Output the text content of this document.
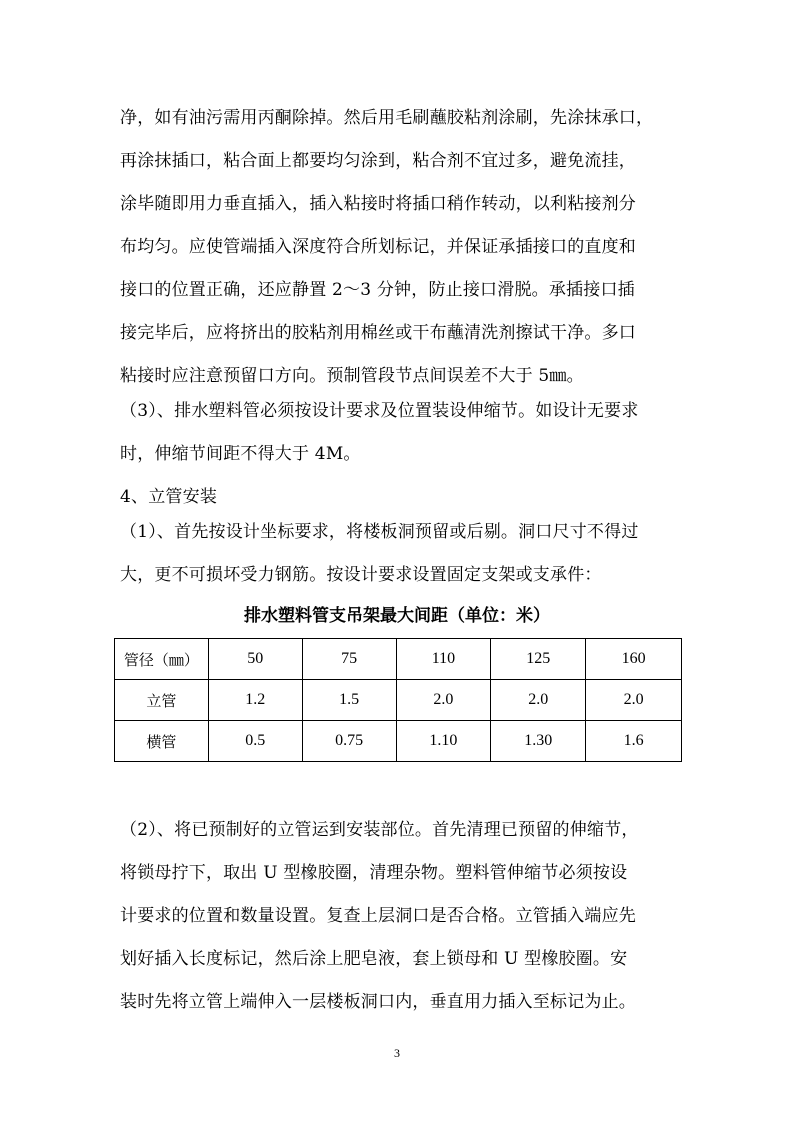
净，如有油污需用丙酮除掉。然后用毛刷蘸胶粘剂涂刷，先涂抹承口，
再涂抹插口，粘合面上都要均匀涂到，粘合剂不宜过多，避免流挂，
涂毕随即用力垂直插入，插入粘接时将插口稍作转动，以利粘接剂分
布均匀。应使管端插入深度符合所划标记，并保证承插接口的直度和
接口的位置正确，还应静置 2～3 分钟，防止接口滑脱。承插接口插
接完毕后，应将挤出的胶粘剂用棉丝或干布蘸清洗剂擦试干净。多口
粘接时应注意预留口方向。预制管段节点间误差不大于 5㎜。
（3）、排水塑料管必须按设计要求及位置装设伸缩节。如设计无要求
时，伸缩节间距不得大于 4M。
4、立管安装
（1）、首先按设计坐标要求，将楼板洞预留或后剔。洞口尺寸不得过
大，更不可损坏受力钢筋。按设计要求设置固定支架或支承件：
排水塑料管支吊架最大间距（单位：米）
管径（㎜）	50	75	110	125	160
立管	1.2	1.5	2.0	2.0	2.0
横管	0.5	0.75	1.10	1.30	1.6
（2）、将已预制好的立管运到安装部位。首先清理已预留的伸缩节，
将锁母拧下，取出 U 型橡胶圈，清理杂物。塑料管伸缩节必须按设
计要求的位置和数量设置。复查上层洞口是否合格。立管插入端应先
划好插入长度标记，然后涂上肥皂液，套上锁母和 U 型橡胶圈。安
装时先将立管上端伸入一层楼板洞口内，垂直用力插入至标记为止。
3
